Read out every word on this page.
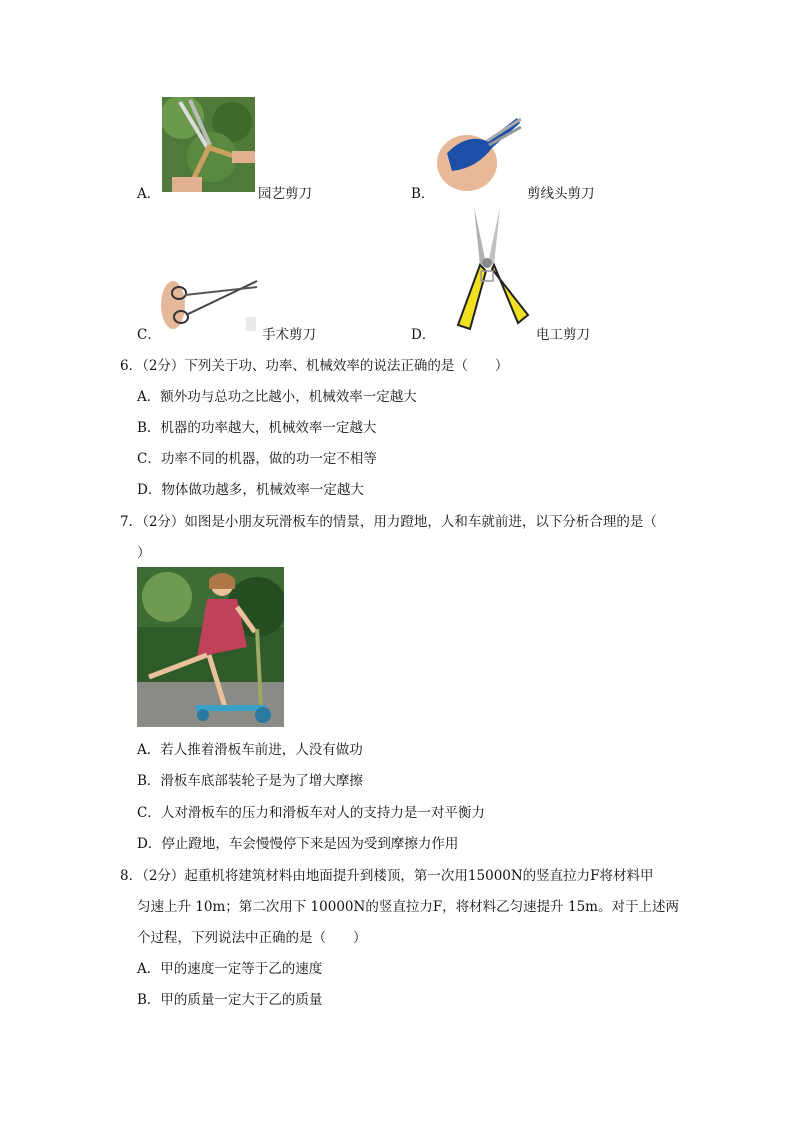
A．	园艺剪刀	B．	剪线头剪刀
C．	手术剪刀	D．	电工剪刀
6．（2分）下列关于功、功率、机械效率的说法正确的是（　　）
A．额外功与总功之比越小，机械效率一定越大
B．机器的功率越大，机械效率一定越大
C．功率不同的机器，做的功一定不相等
D．物体做功越多，机械效率一定越大
7．（2分）如图是小朋友玩滑板车的情景，用力蹬地，人和车就前进，以下分析合理的是（
）
A．若人推着滑板车前进，人没有做功
B．滑板车底部装轮子是为了增大摩擦
C．人对滑板车的压力和滑板车对人的支持力是一对平衡力
D．停止蹬地，车会慢慢停下来是因为受到摩擦力作用
8．（2分）起重机将建筑材料由地面提升到楼顶，第一次用15000N的竖直拉力F将材料甲
匀速上升 10m；第二次用下 10000N的竖直拉力F，将材料乙匀速提升 15m。对于上述两
个过程，下列说法中正确的是（　　）
A．甲的速度一定等于乙的速度
B．甲的质量一定大于乙的质量
